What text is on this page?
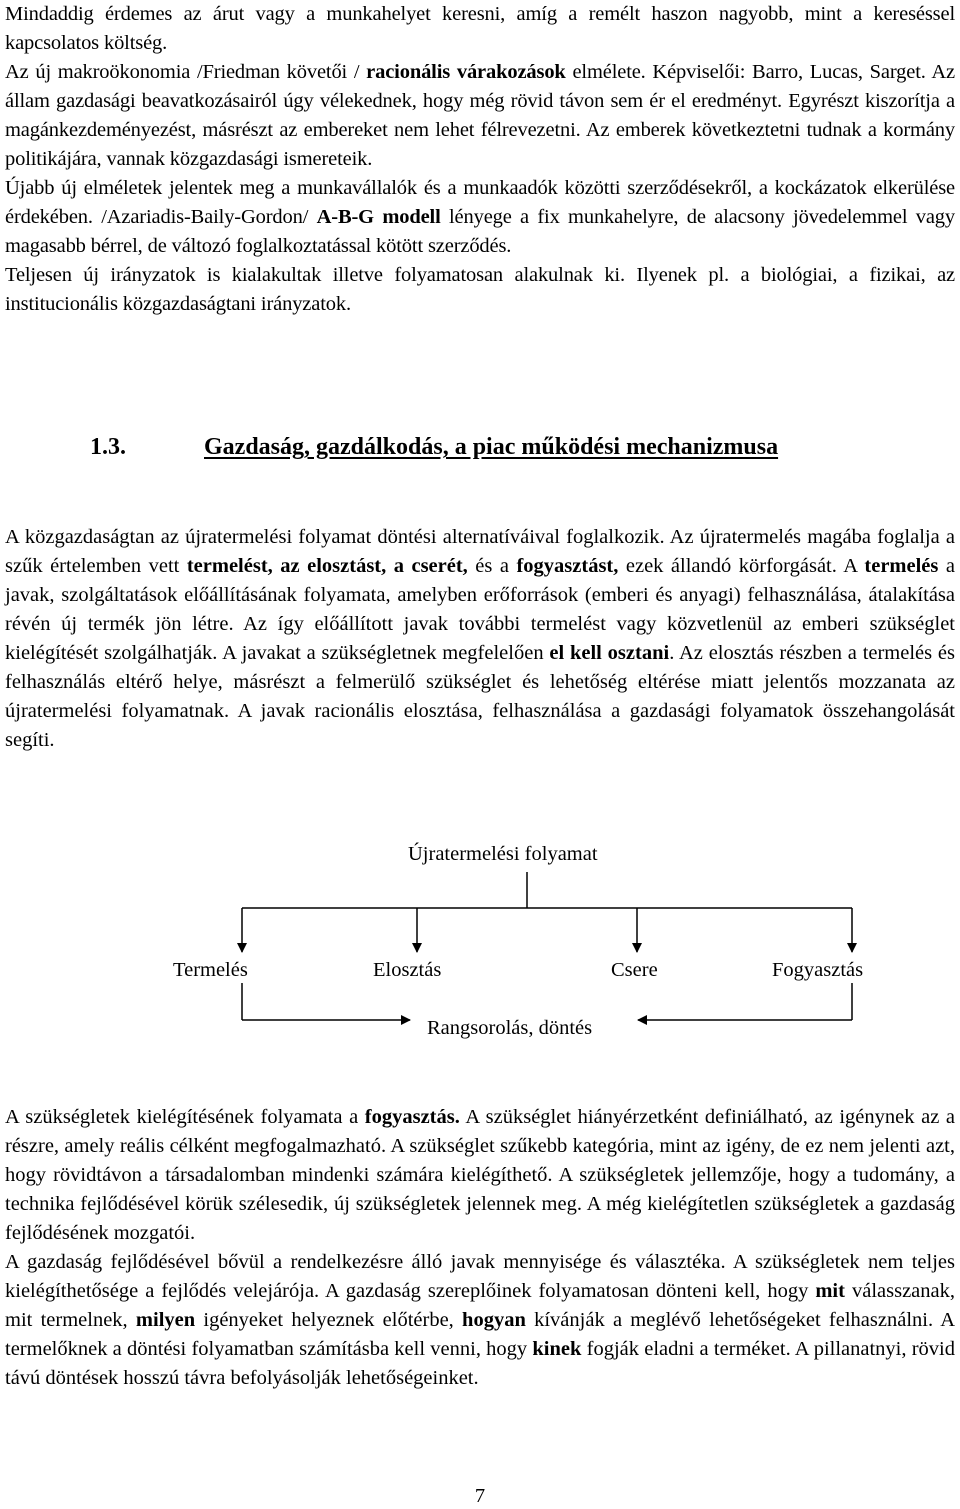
Mindaddig érdemes az árut vagy a munkahelyet keresni, amíg a remélt haszon nagyobb, mint a kereséssel kapcsolatos költség.

Az új makroökonomia /Friedman követői / racionális várakozások elmélete. Képviselői: Barro, Lucas, Sarget. Az állam gazdasági beavatkozásairól úgy vélekednek, hogy még rövid távon sem ér el eredményt. Egyrészt kiszorítja a magánkezdeményezést, másrészt az embereket nem lehet félrevezetni. Az emberek következtetni tudnak a kormány politikájára, vannak közgazdasági ismereteik.

Újabb új elméletek jelentek meg a munkavállalók és a munkaadók közötti szerződésekről, a kockázatok elkerülése érdekében. /Azariadis-Baily-Gordon/ A-B-G modell lényege a fix munkahelyre, de alacsony jövedelemmel vagy magasabb bérrel, de változó foglalkoztatással kötött szerződés.

Teljesen új irányzatok is kialakultak illetve folyamatosan alakulnak ki. Ilyenek pl. a biológiai, a fizikai, az institucionális közgazdaságtani irányzatok.

1.3.	Gazdaság, gazdálkodás, a piac működési mechanizmusa

A közgazdaságtan az újratermelési folyamat döntési alternatíváival foglalkozik. Az újratermelés magába foglalja a szűk értelemben vett termelést, az elosztást, a cserét, és a fogyasztást, ezek állandó körforgását. A termelés a javak, szolgáltatások előállításának folyamata, amelyben erőforrások (emberi és anyagi) felhasználása, átalakítása révén új termék jön létre. Az így előállított javak további termelést vagy közvetlenül az emberi szükséglet kielégítését szolgálhatják. A javakat a szükségletnek megfelelően el kell osztani. Az elosztás részben a termelés és felhasználás eltérő helye, másrészt a felmerülő szükséglet és lehetőség eltérése miatt jelentős mozzanata az újratermelési folyamatnak. A javak racionális elosztása, felhasználása a gazdasági folyamatok összehangolását segíti.

Újratermelési folyamat
Termelés	Elosztás	Csere	Fogyasztás
Rangsorolás, döntés

A szükségletek kielégítésének folyamata a fogyasztás. A szükséglet hiányérzetként definiálható, az igénynek az a részre, amely reális célként megfogalmazható. A szükséglet szűkebb kategória, mint az igény, de ez nem jelenti azt, hogy rövidtávon a társadalomban mindenki számára kielégíthető. A szükségletek jellemzője, hogy a tudomány, a technika fejlődésével körük szélesedik, új szükségletek jelennek meg. A még kielégítetlen szükségletek a gazdaság fejlődésének mozgatói.

A gazdaság fejlődésével bővül a rendelkezésre álló javak mennyisége és választéka. A szükségletek nem teljes kielégíthetősége a fejlődés velejárója. A gazdaság szereplőinek folyamatosan dönteni kell, hogy mit válasszanak, mit termelnek, milyen igényeket helyeznek előtérbe, hogyan kívánják a meglévő lehetőségeket felhasználni. A termelőknek a döntési folyamatban számításba kell venni, hogy kinek fogják eladni a terméket. A pillanatnyi, rövid távú döntések hosszú távra befolyásolják lehetőségeinket.

7
